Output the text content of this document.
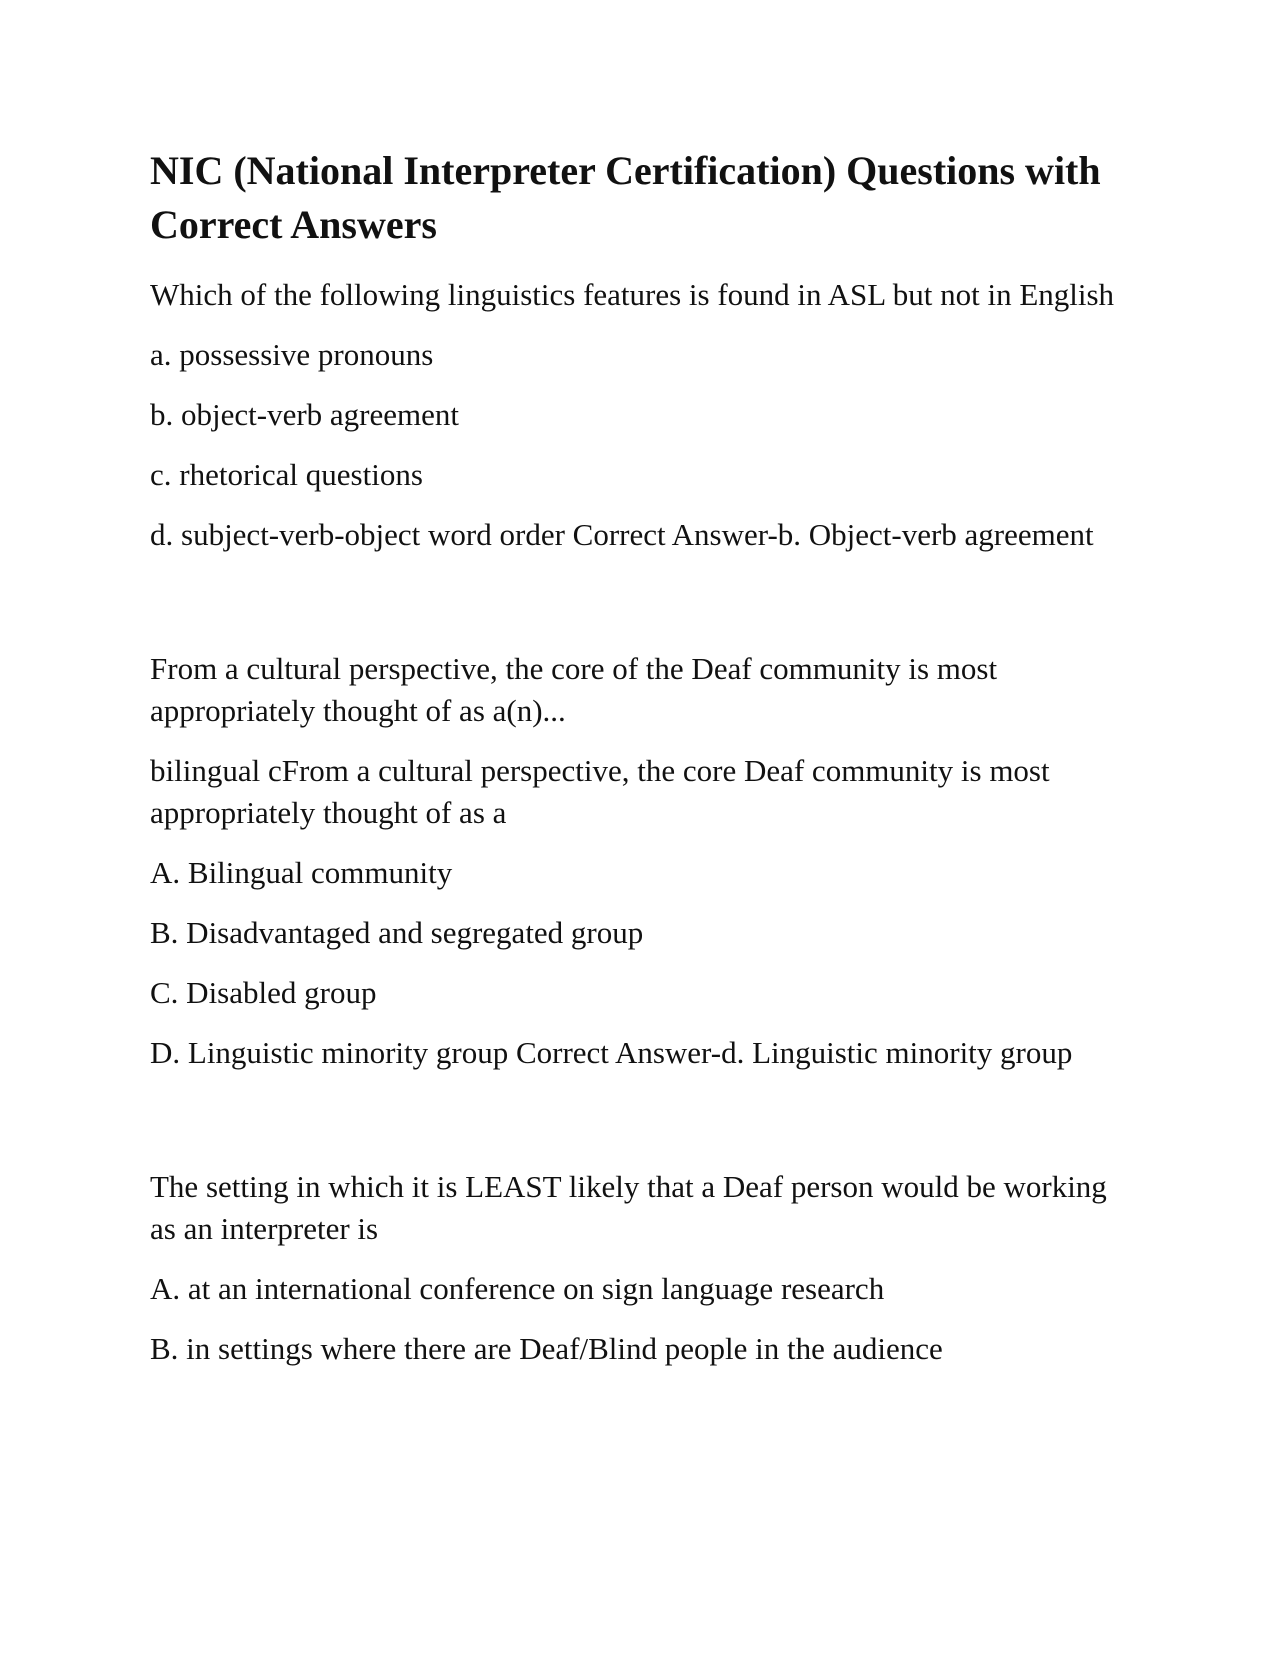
NIC (National Interpreter Certification) Questions with Correct Answers

Which of the following linguistics features is found in ASL but not in English

a. possessive pronouns

b. object-verb agreement

c. rhetorical questions

d. subject-verb-object word order Correct Answer-b. Object-verb agreement

From a cultural perspective, the core of the Deaf community is most appropriately thought of as a(n)...

bilingual cFrom a cultural perspective, the core Deaf community is most appropriately thought of as a

A. Bilingual community

B. Disadvantaged and segregated group

C. Disabled group

D. Linguistic minority group Correct Answer-d. Linguistic minority group

The setting in which it is LEAST likely that a Deaf person would be working as an interpreter is

A. at an international conference on sign language research

B. in settings where there are Deaf/Blind people in the audience
